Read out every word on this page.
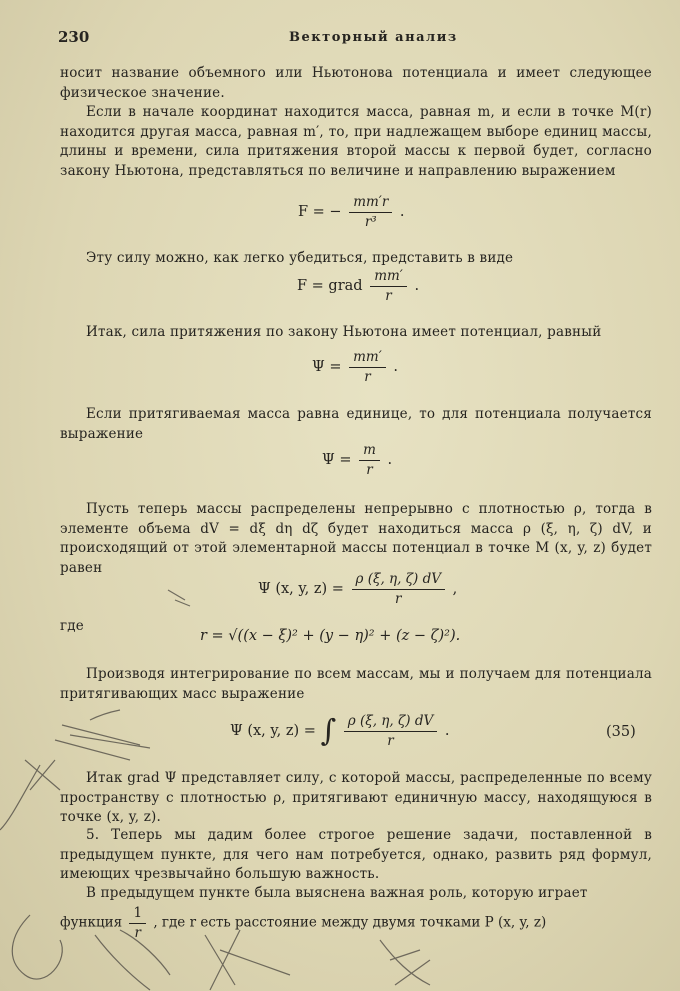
230	Векторный анализ
носит название объемного или Ньютонова потенциала и имеет следующее физическое значение.
Если в начале координат находится масса, равная m, и если в точке M(r) находится другая масса, равная m′, то, при надлежащем выборе единиц массы, длины и времени, сила притяжения второй массы к первой будет, согласно закону Ньютона, представляться по величине и направлению выражением
F = − $\frac{mm'r}{\text{r³}}$ .
Эту силу можно, как легко убедиться, представить в виде
F = grad $\frac{mm'}{r}$ .
Итак, сила притяжения по закону Ньютона имеет потенциал, равный
$\Psi = \frac{mm'}{r}$ .
Если притягиваемая масса равна единице, то для потенциала получается выражение
$\Psi = \frac{m}{r}$ .
Пусть теперь массы распределены непрерывно с плотностью ρ, тогда в элементе объема dV = dξ dη dζ будет находиться масса ρ (ξ, η, ζ) dV, и происходящий от этой элементарной массы потенциал в точке M (x, y, z) будет равен
Ψ (x, y, $z) = \frac{\rho (\xi, \eta, \zeta) dV}{r}$ ,
где
r = √((x − ξ)² + (y − η)² + (z − ζ)²).
Производя интегрирование по всем массам, мы и получаем для потенциала притягивающих масс выражение
Ψ (x, y, z) = ∫ $\frac{\rho (\xi, \eta, \zeta) dV}{r}$ .	(35)
Итак grad Ψ представляет силу, с которой массы, распределенные по всему пространству с плотностью ρ, притягивают единичную массу, находящуюся в точке (x, y, z).
5. Теперь мы дадим более строгое решение задачи, поставленной в предыдущем пункте, для чего нам потребуется, однако, развить ряд формул, имеющих чрезвычайно большую важность.
В предыдущем пункте была выяснена важная роль, которую играет
функция $\frac{1}{r}$ , где r есть расстояние между двумя точками P (x, y, z)
